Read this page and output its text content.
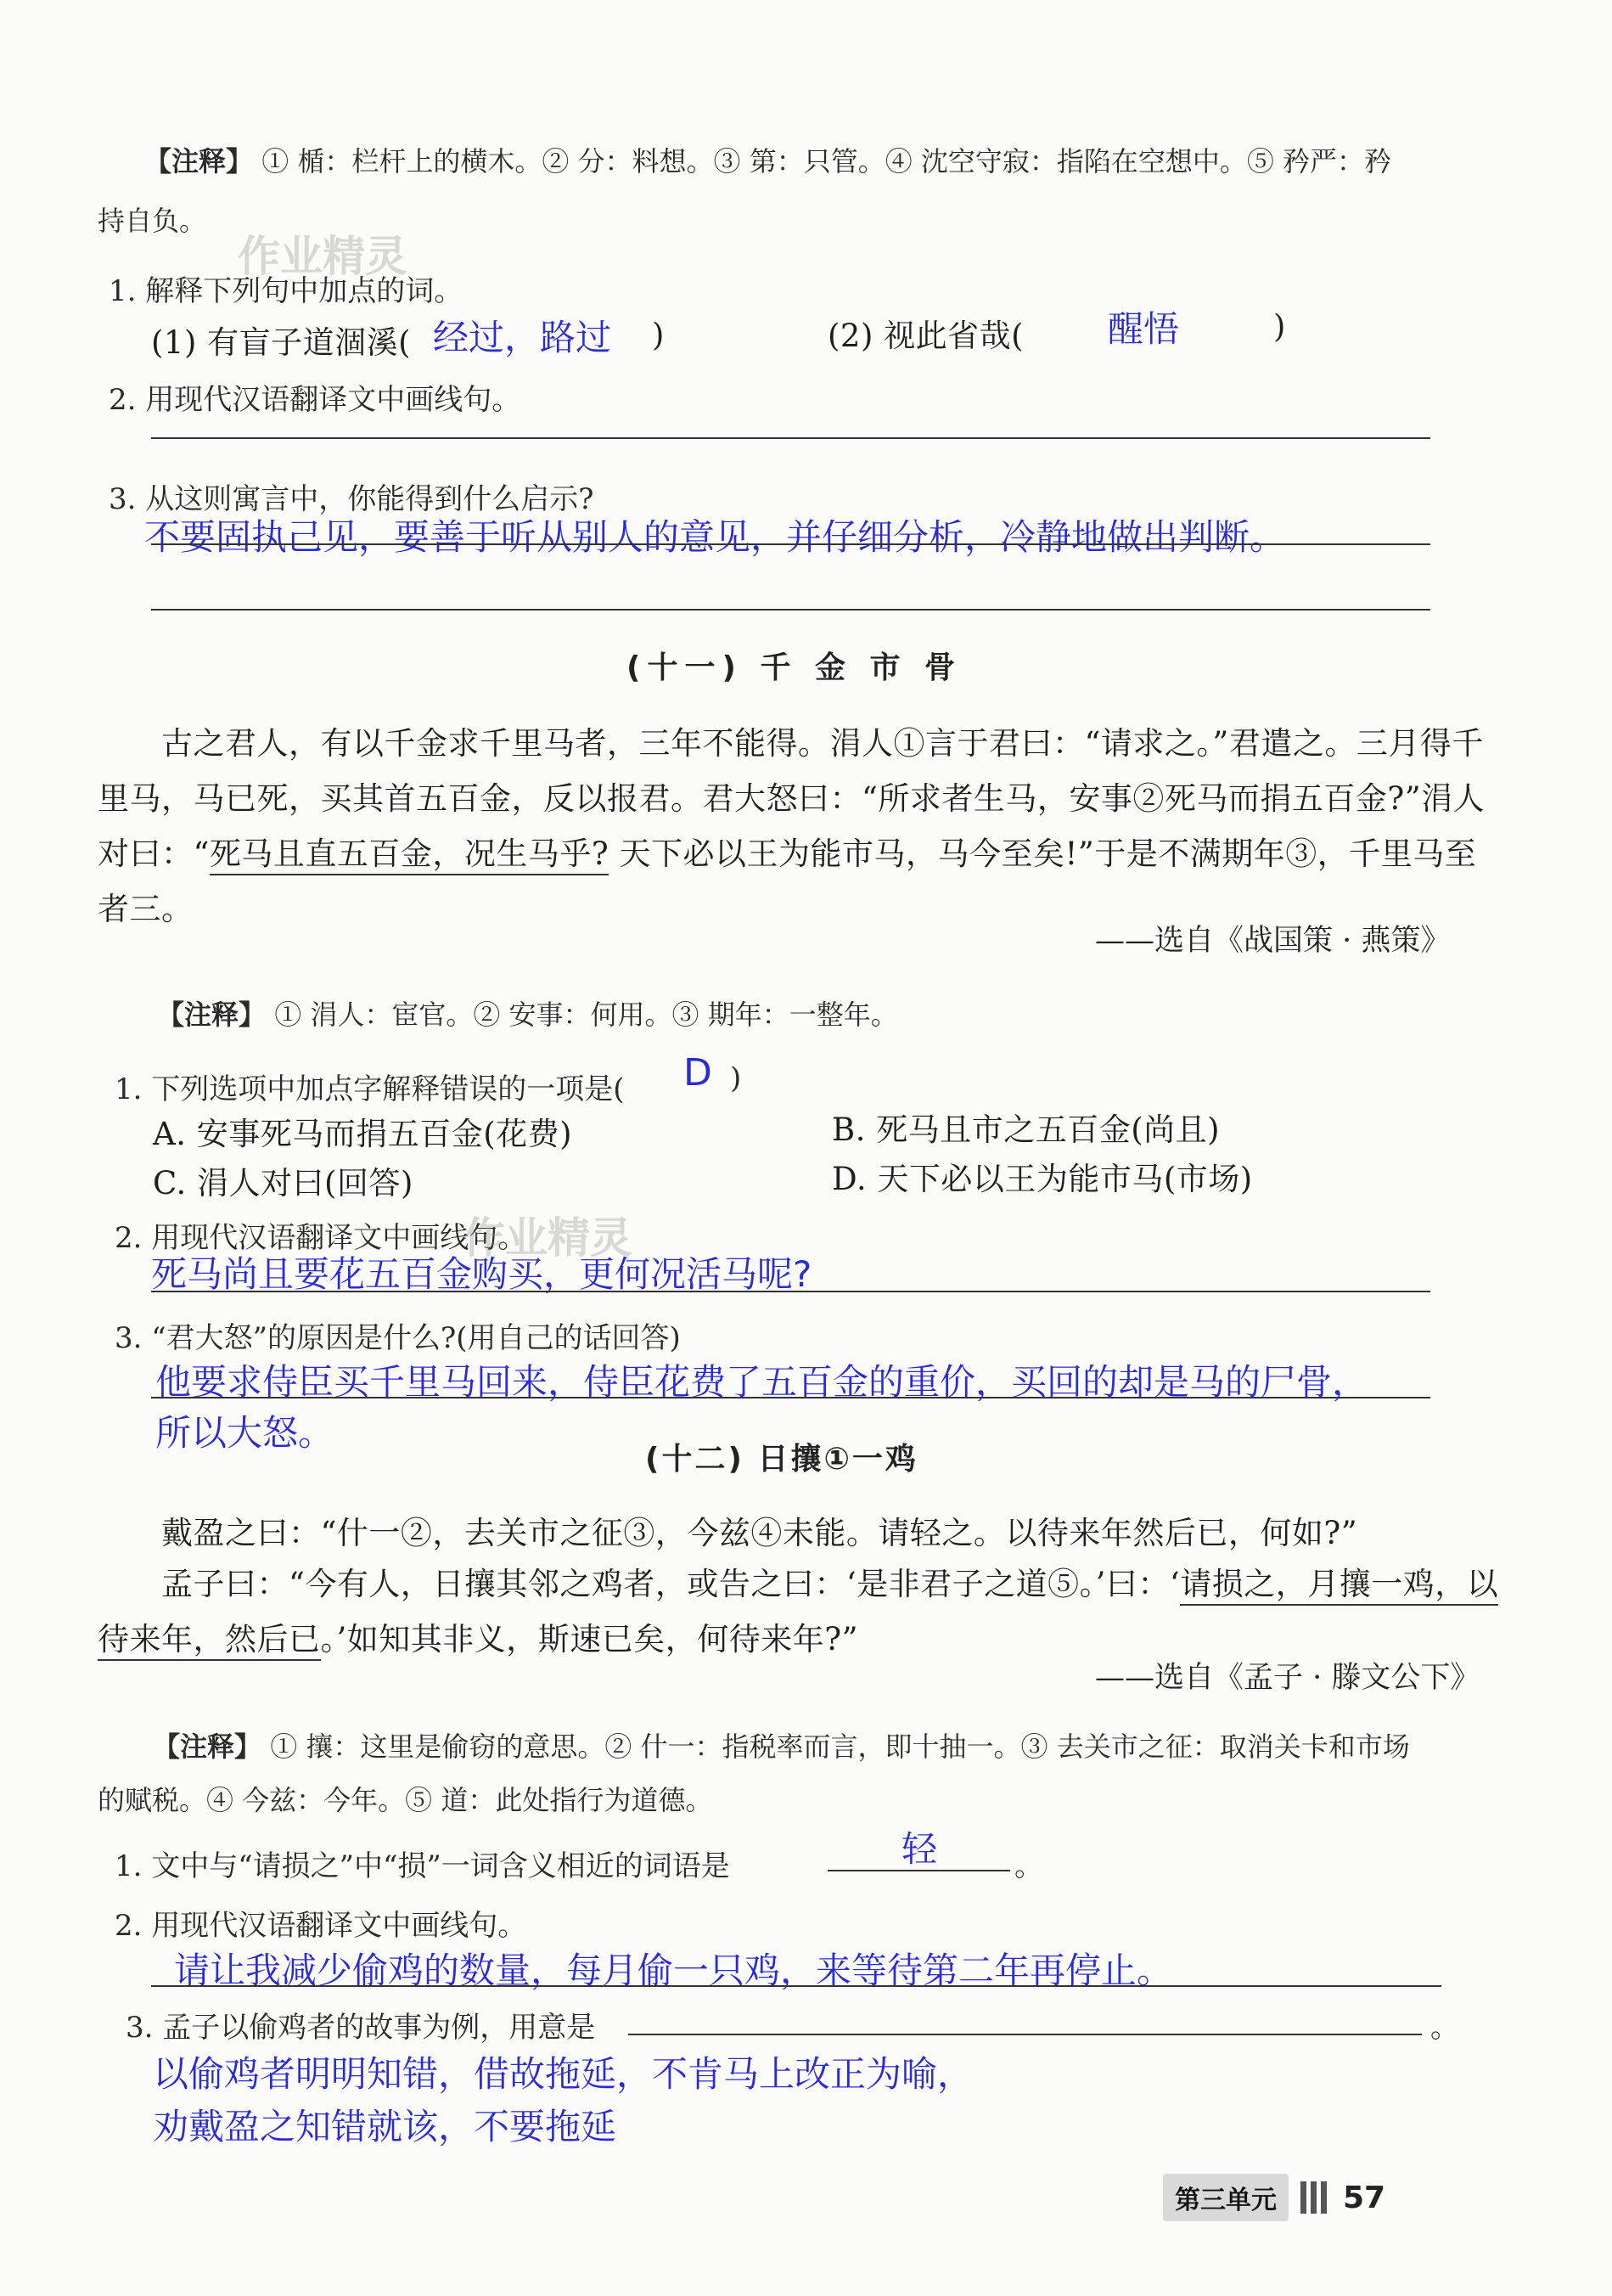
【注释】 ① 楯：栏杆上的横木。② 分：料想。③ 第：只管。④ 沈空守寂：指陷在空想中。⑤ 矜严：矜
持自负。
作业精灵
1. 解释下列句中加点的词。
(1) 有盲子道涸溪( 经过，路过 )	(2) 视此省哉( 醒悟	)
2. 用现代汉语翻译文中画线句。
3. 从这则寓言中，你能得到什么启示?
不要固执己见，要善于听从别人的意见，并仔细分析，冷静地做出判断。
(十一) 千 金 市 骨
古之君人，有以千金求千里马者，三年不能得。涓人①言于君曰：“请求之。”君遣之。三月得千
里马，马已死，买其首五百金，反以报君。君大怒曰：“所求者生马，安事②死马而捐五百金?”涓人
对曰：“死马且直五百金，况生马乎? 天下必以王为能市马，马今至矣!”于是不满期年③，千里马至
者三。
——选自《战国策 · 燕策》
【注释】 ① 涓人：宦官。② 安事：何用。③ 期年：一整年。
1. 下列选项中加点字解释错误的一项是( D )
A. 安事死马而捐五百金(花费)	B. 死马且市之五百金(尚且)
C. 涓人对曰(回答)	D. 天下必以王为能市马(市场)
2. 用现代汉语翻译文中画线句。
作业精灵
死马尚且要花五百金购买，更何况活马呢?
3. “君大怒”的原因是什么?(用自己的话回答)
他要求侍臣买千里马回来，侍臣花费了五百金的重价，买回的却是马的尸骨，
所以大怒。
(十二) 日攘①一鸡
戴盈之曰：“什一②，去关市之征③，今兹④未能。请轻之。以待来年然后已，何如?”
孟子曰：“今有人，日攘其邻之鸡者，或告之曰：‘是非君子之道⑤。’曰：‘请损之，月攘一鸡，以
待来年，然后已。’如知其非义，斯速已矣，何待来年?”
——选自《孟子 · 滕文公下》
【注释】 ① 攘：这里是偷窃的意思。② 什一：指税率而言，即十抽一。③ 去关市之征：取消关卡和市场
的赋税。④ 今兹：今年。⑤ 道：此处指行为道德。
1. 文中与“请损之”中“损”一词含义相近的词语是	轻	。
2. 用现代汉语翻译文中画线句。
请让我减少偷鸡的数量，每月偷一只鸡，来等待第二年再停止。
3. 孟子以偷鸡者的故事为例，用意是	。
以偷鸡者明明知错，借故拖延，不肯马上改正为喻，
劝戴盈之知错就该，不要拖延
第三单元	57
